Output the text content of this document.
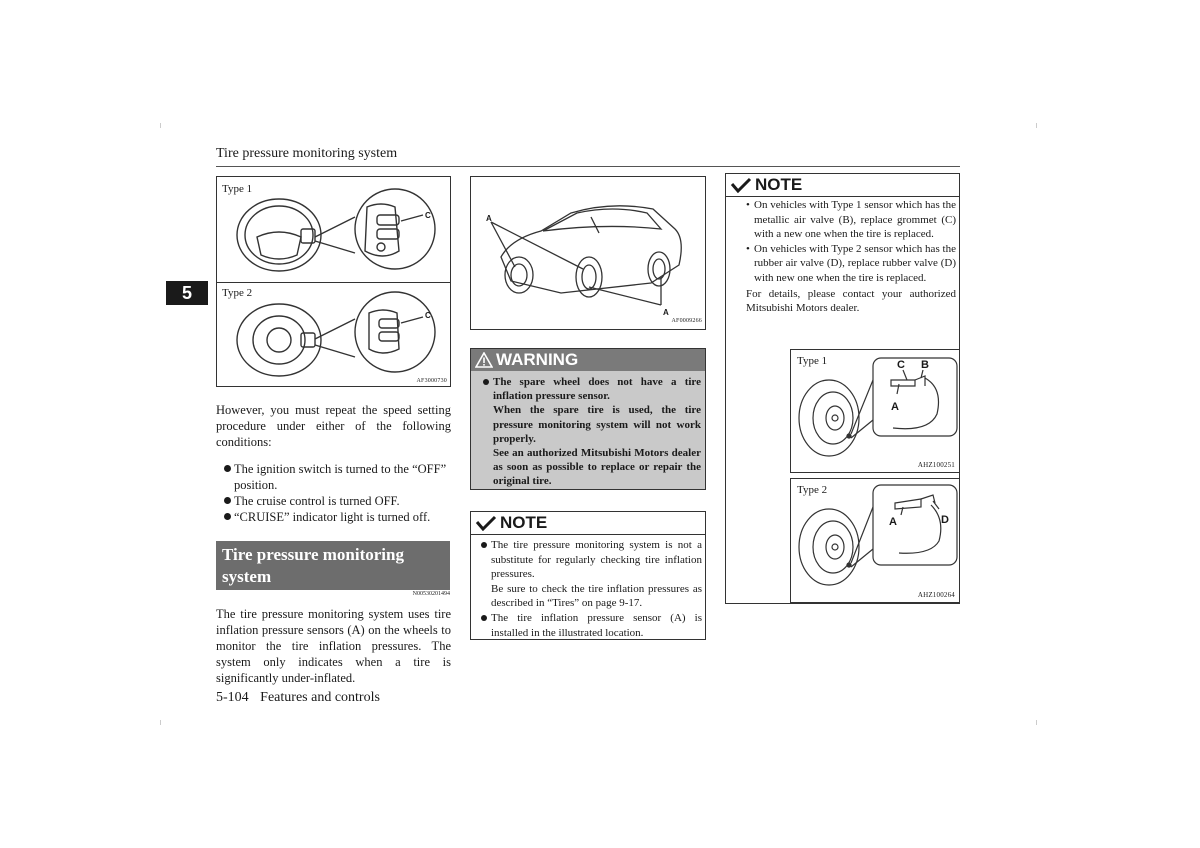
Tire pressure monitoring system
5
Type 1
Type 2
C
C
AF3000730
However, you must repeat the speed setting procedure under either of the following conditions:
The ignition switch is turned to the “OFF” position.
The cruise control is turned OFF.
“CRUISE” indicator light is turned off.
Tire pressure monitoring system
N00530201494
The tire pressure monitoring system uses tire inflation pressure sensors (A) on the wheels to monitor the tire inflation pressures. The system only indicates when a tire is significantly under-inflated.
A
A
AF0009266
WARNING

The spare wheel does not have a tire inflation pressure sensor.

When the spare tire is used, the tire pressure monitoring system will not work properly.

See an authorized Mitsubishi Motors dealer as soon as possible to replace or repair the original tire.

NOTE

The tire pressure monitoring system is not a substitute for regularly checking tire inflation pressures.

Be sure to check the tire inflation pressures as described in “Tires” on page 9-17.

The tire inflation pressure sensor (A) is installed in the illustrated location.

NOTE

• On vehicles with Type 1 sensor which has the metallic air valve (B), replace grommet (C) with a new one when the tire is replaced.

• On vehicles with Type 2 sensor which has the rubber air valve (D), replace rubber valve (D) with new one when the tire is replaced.

For details, please contact your authorized Mitsubishi Motors dealer.

Type 1	C B
A
AHZ100251
Type 2
A	D
AHZ100264
5-104 Features and controls
